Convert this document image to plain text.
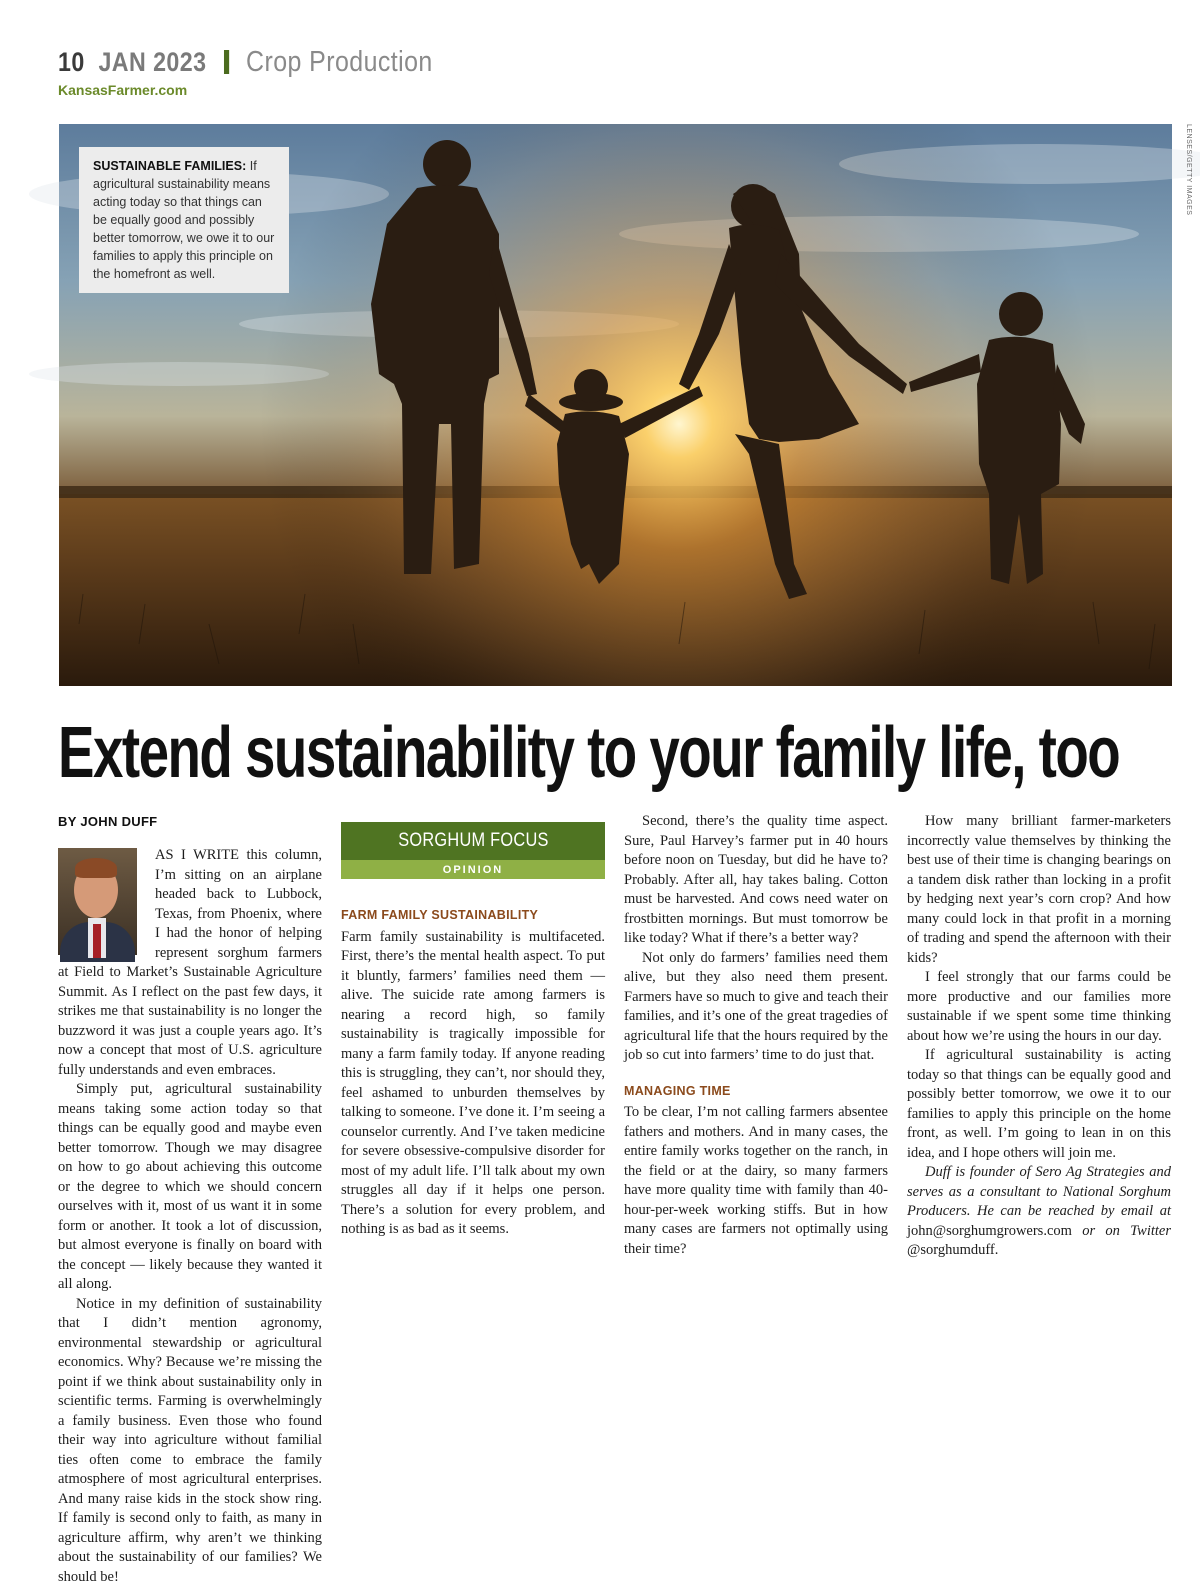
10 JAN 2023 Crop Production
KansasFarmer.com
SUSTAINABLE FAMILIES: If agricultural sustainability means acting today so that things can be equally good and possibly better tomorrow, we owe it to our families to apply this principle on the homefront as well.
LENSES/GETTY IMAGES
Extend sustainability to your family life, too
SORGHUM FOCUS
OPINION
BY JOHN DUFF

AS I WRITE this column, I’m sitting on an airplane headed back to Lubbock, Texas, from Phoenix, where I had the honor of helping represent sorghum farmers at Field to Market’s Sustainable Agriculture Summit. As I reflect on the past few days, it strikes me that sustainability is no longer the buzzword it was just a couple years ago. It’s now a concept that most of U.S. agriculture fully understands and even embraces.

Simply put, agricultural sustainability means taking some action today so that things can be equally good and maybe even better tomorrow. Though we may disagree on how to go about achieving this outcome or the degree to which we should concern ourselves with it, most of us want it in some form or another. It took a lot of discussion, but almost everyone is finally on board with the concept — likely because they wanted it all along.

Notice in my definition of sustainability that I didn’t mention agronomy, environmental stewardship or agricultural economics. Why? Because we’re missing the point if we think about sustainability only in scientific terms. Farming is overwhelmingly a family business. Even those who found their way into agriculture without familial ties often come to embrace the family atmosphere of most agricultural enterprises. And many raise kids in the stock show ring. If family is second only to faith, as many in agriculture affirm, why aren’t we thinking about the sustainability of our families? We should be!

FARM FAMILY SUSTAINABILITY

Farm family sustainability is multifaceted. First, there’s the mental health aspect. To put it bluntly, farmers’ families need them — alive. The suicide rate among farmers is nearing a record high, so family sustainability is tragically impossible for many a farm family today. If anyone reading this is struggling, they can’t, nor should they, feel ashamed to unburden themselves by talking to someone. I’ve done it. I’m seeing a counselor currently. And I’ve taken medicine for severe obsessive-compulsive disorder for most of my adult life. I’ll talk about my own struggles all day if it helps one person. There’s a solution for every problem, and nothing is as bad as it seems.

Second, there’s the quality time aspect. Sure, Paul Harvey’s farmer put in 40 hours before noon on Tuesday, but did he have to? Probably. After all, hay takes baling. Cotton must be harvested. And cows need water on frostbitten mornings. But must tomorrow be like today? What if there’s a better way?

Not only do farmers’ families need them alive, but they also need them present. Farmers have so much to give and teach their families, and it’s one of the great tragedies of agricultural life that the hours required by the job so cut into farmers’ time to do just that.

MANAGING TIME

To be clear, I’m not calling farmers absentee fathers and mothers. And in many cases, the entire family works together on the ranch, in the field or at the dairy, so many farmers have more quality time with family than 40-hour-per-week working stiffs. But in how many cases are farmers not optimally using their time?

How many brilliant farmer-marketers incorrectly value themselves by thinking the best use of their time is changing bearings on a tandem disk rather than locking in a profit by hedging next year’s corn crop? And how many could lock in that profit in a morning of trading and spend the afternoon with their kids?

I feel strongly that our farms could be more productive and our families more sustainable if we spent some time thinking about how we’re using the hours in our day.

If agricultural sustainability is acting today so that things can be equally good and possibly better tomorrow, we owe it to our families to apply this principle on the home front, as well. I’m going to lean in on this idea, and I hope others will join me.

Duff is founder of Sero Ag Strategies and serves as a consultant to National Sorghum Producers. He can be reached by email at john@sorghumgrowers.com or on Twitter @sorghumduff.
